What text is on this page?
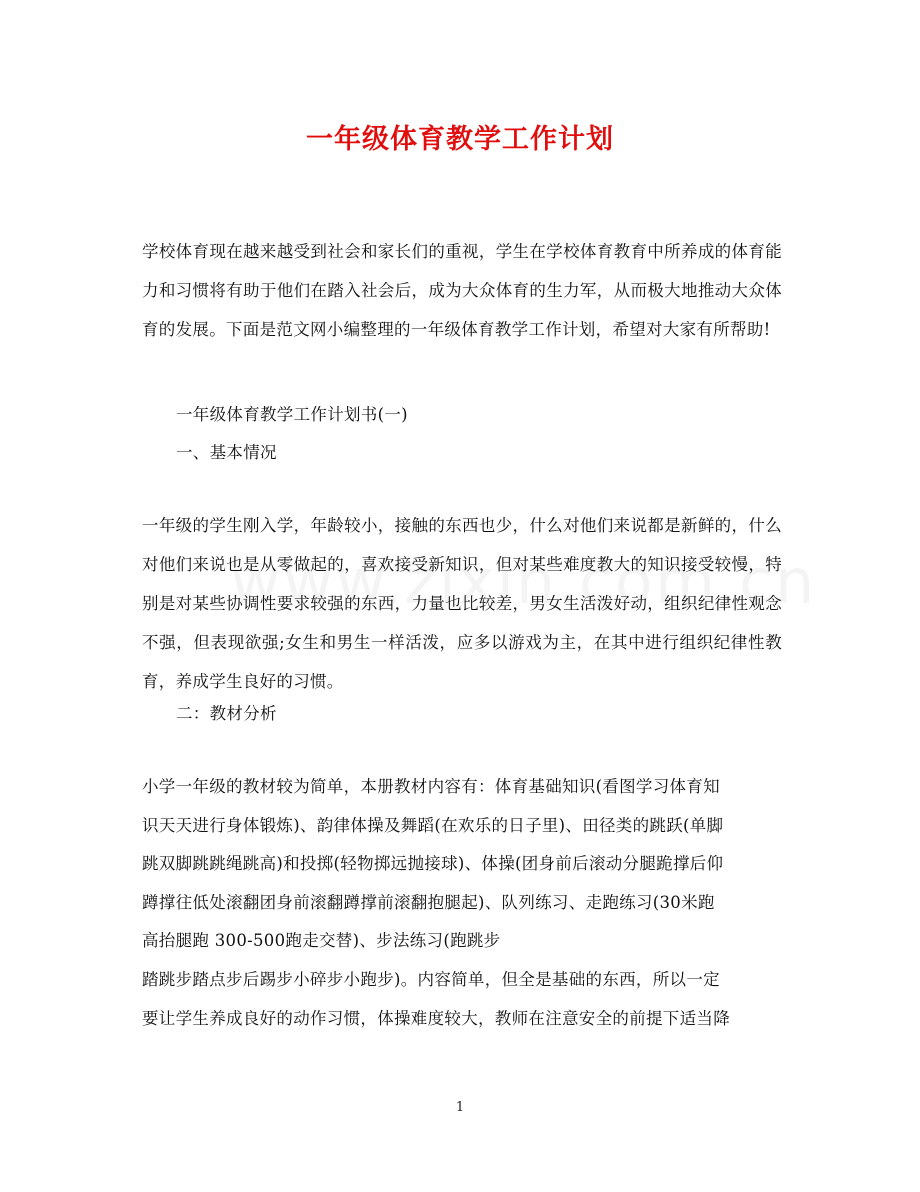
一年级体育教学工作计划

学校体育现在越来越受到社会和家长们的重视，学生在学校体育教育中所养成的体育能力和习惯将有助于他们在踏入社会后，成为大众体育的生力军，从而极大地推动大众体育的发展。下面是范文网小编整理的一年级体育教学工作计划，希望对大家有所帮助!

一年级体育教学工作计划书(一)

一、基本情况

一年级的学生刚入学，年龄较小，接触的东西也少，什么对他们来说都是新鲜的，什么对他们来说也是从零做起的，喜欢接受新知识，但对某些难度教大的知识接受较慢，特别是对某些协调性要求较强的东西，力量也比较差，男女生活泼好动，组织纪律性观念不强，但表现欲强;女生和男生一样活泼，应多以游戏为主，在其中进行组织纪律性教育，养成学生良好的习惯。

二：教材分析

小学一年级的教材较为简单，本册教材内容有：体育基础知识(看图学习体育知
识天天进行身体锻炼)、韵律体操及舞蹈(在欢乐的日子里)、田径类的跳跃(单脚
跳双脚跳跳绳跳高)和投掷(轻物掷远抛接球)、体操(团身前后滚动分腿跪撑后仰
蹲撑往低处滚翻团身前滚翻蹲撑前滚翻抱腿起)、队列练习、走跑练习(30米跑
高抬腿跑 300-500跑走交替)、步法练习(跑跳步
踏跳步踏点步后踢步小碎步小跑步)。内容简单，但全是基础的东西，所以一定
要让学生养成良好的动作习惯，体操难度较大，教师在注意安全的前提下适当降

1
